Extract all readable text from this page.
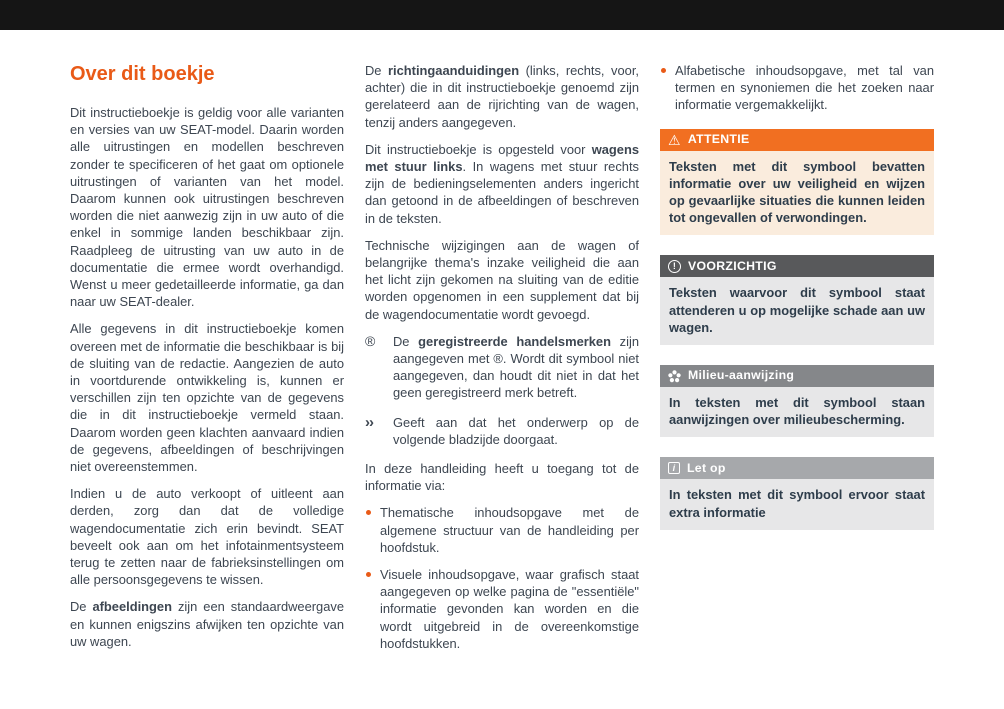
Over dit boekje

Dit instructieboekje is geldig voor alle varianten en versies van uw SEAT-model. Daarin worden alle uitrustingen en modellen beschreven zonder te specificeren of het gaat om optionele uitrustingen of varianten van het model. Daarom kunnen ook uitrustingen beschreven worden die niet aanwezig zijn in uw auto of die enkel in sommige landen beschikbaar zijn. Raadpleeg de uitrusting van uw auto in de documentatie die ermee wordt overhandigd. Wenst u meer gedetailleerde informatie, ga dan naar uw SEAT-dealer.

Alle gegevens in dit instructieboekje komen overeen met de informatie die beschikbaar is bij de sluiting van de redactie. Aangezien de auto in voortdurende ontwikkeling is, kunnen er verschillen zijn ten opzichte van de gegevens die in dit instructieboekje vermeld staan. Daarom worden geen klachten aanvaard indien de gegevens, afbeeldingen of beschrijvingen niet overeenstemmen.

Indien u de auto verkoopt of uitleent aan derden, zorg dan dat de volledige wagendocumentatie zich erin bevindt. SEAT beveelt ook aan om het infotainmentsysteem terug te zetten naar de fabrieksinstellingen om alle persoonsgegevens te wissen.

De afbeeldingen zijn een standaardweergave en kunnen enigszins afwijken ten opzichte van uw wagen.

De richtingaanduidingen (links, rechts, voor, achter) die in dit instructieboekje genoemd zijn gerelateerd aan de rijrichting van de wagen, tenzij anders aangegeven.

Dit instructieboekje is opgesteld voor wagens met stuur links. In wagens met stuur rechts zijn de bedieningselementen anders ingericht dan getoond in de afbeeldingen of beschreven in de teksten.

Technische wijzigingen aan de wagen of belangrijke thema's inzake veiligheid die aan het licht zijn gekomen na sluiting van de editie worden opgenomen in een supplement dat bij de wagendocumentatie wordt gevoegd.

®	De geregistreerde handelsmerken zijn aangegeven met ®. Wordt dit symbool niet aangegeven, dan houdt dit niet in dat het geen geregistreerd merk betreft.
››	Geeft aan dat het onderwerp op de volgende bladzijde doorgaat.

In deze handleiding heeft u toegang tot de informatie via:

Thematische inhoudsopgave met de algemene structuur van de handleiding per hoofdstuk.
Visuele inhoudsopgave, waar grafisch staat aangegeven op welke pagina de "essentiële" informatie gevonden kan worden en die wordt uitgebreid in de overeenkomstige hoofdstukken.
Alfabetische inhoudsopgave, met tal van termen en synoniemen die het zoeken naar informatie vergemakkelijkt.
⚠ ATTENTIE
Teksten met dit symbool bevatten informatie over uw veiligheid en wijzen op gevaarlijke situaties die kunnen leiden tot ongevallen of verwondingen.
! VOORZICHTIG
Teksten waarvoor dit symbool staat attenderen u op mogelijke schade aan uw wagen.
Milieu-aanwijzing
In teksten met dit symbool staan aanwijzingen over milieubescherming.
i Let op
In teksten met dit symbool ervoor staat extra informatie
